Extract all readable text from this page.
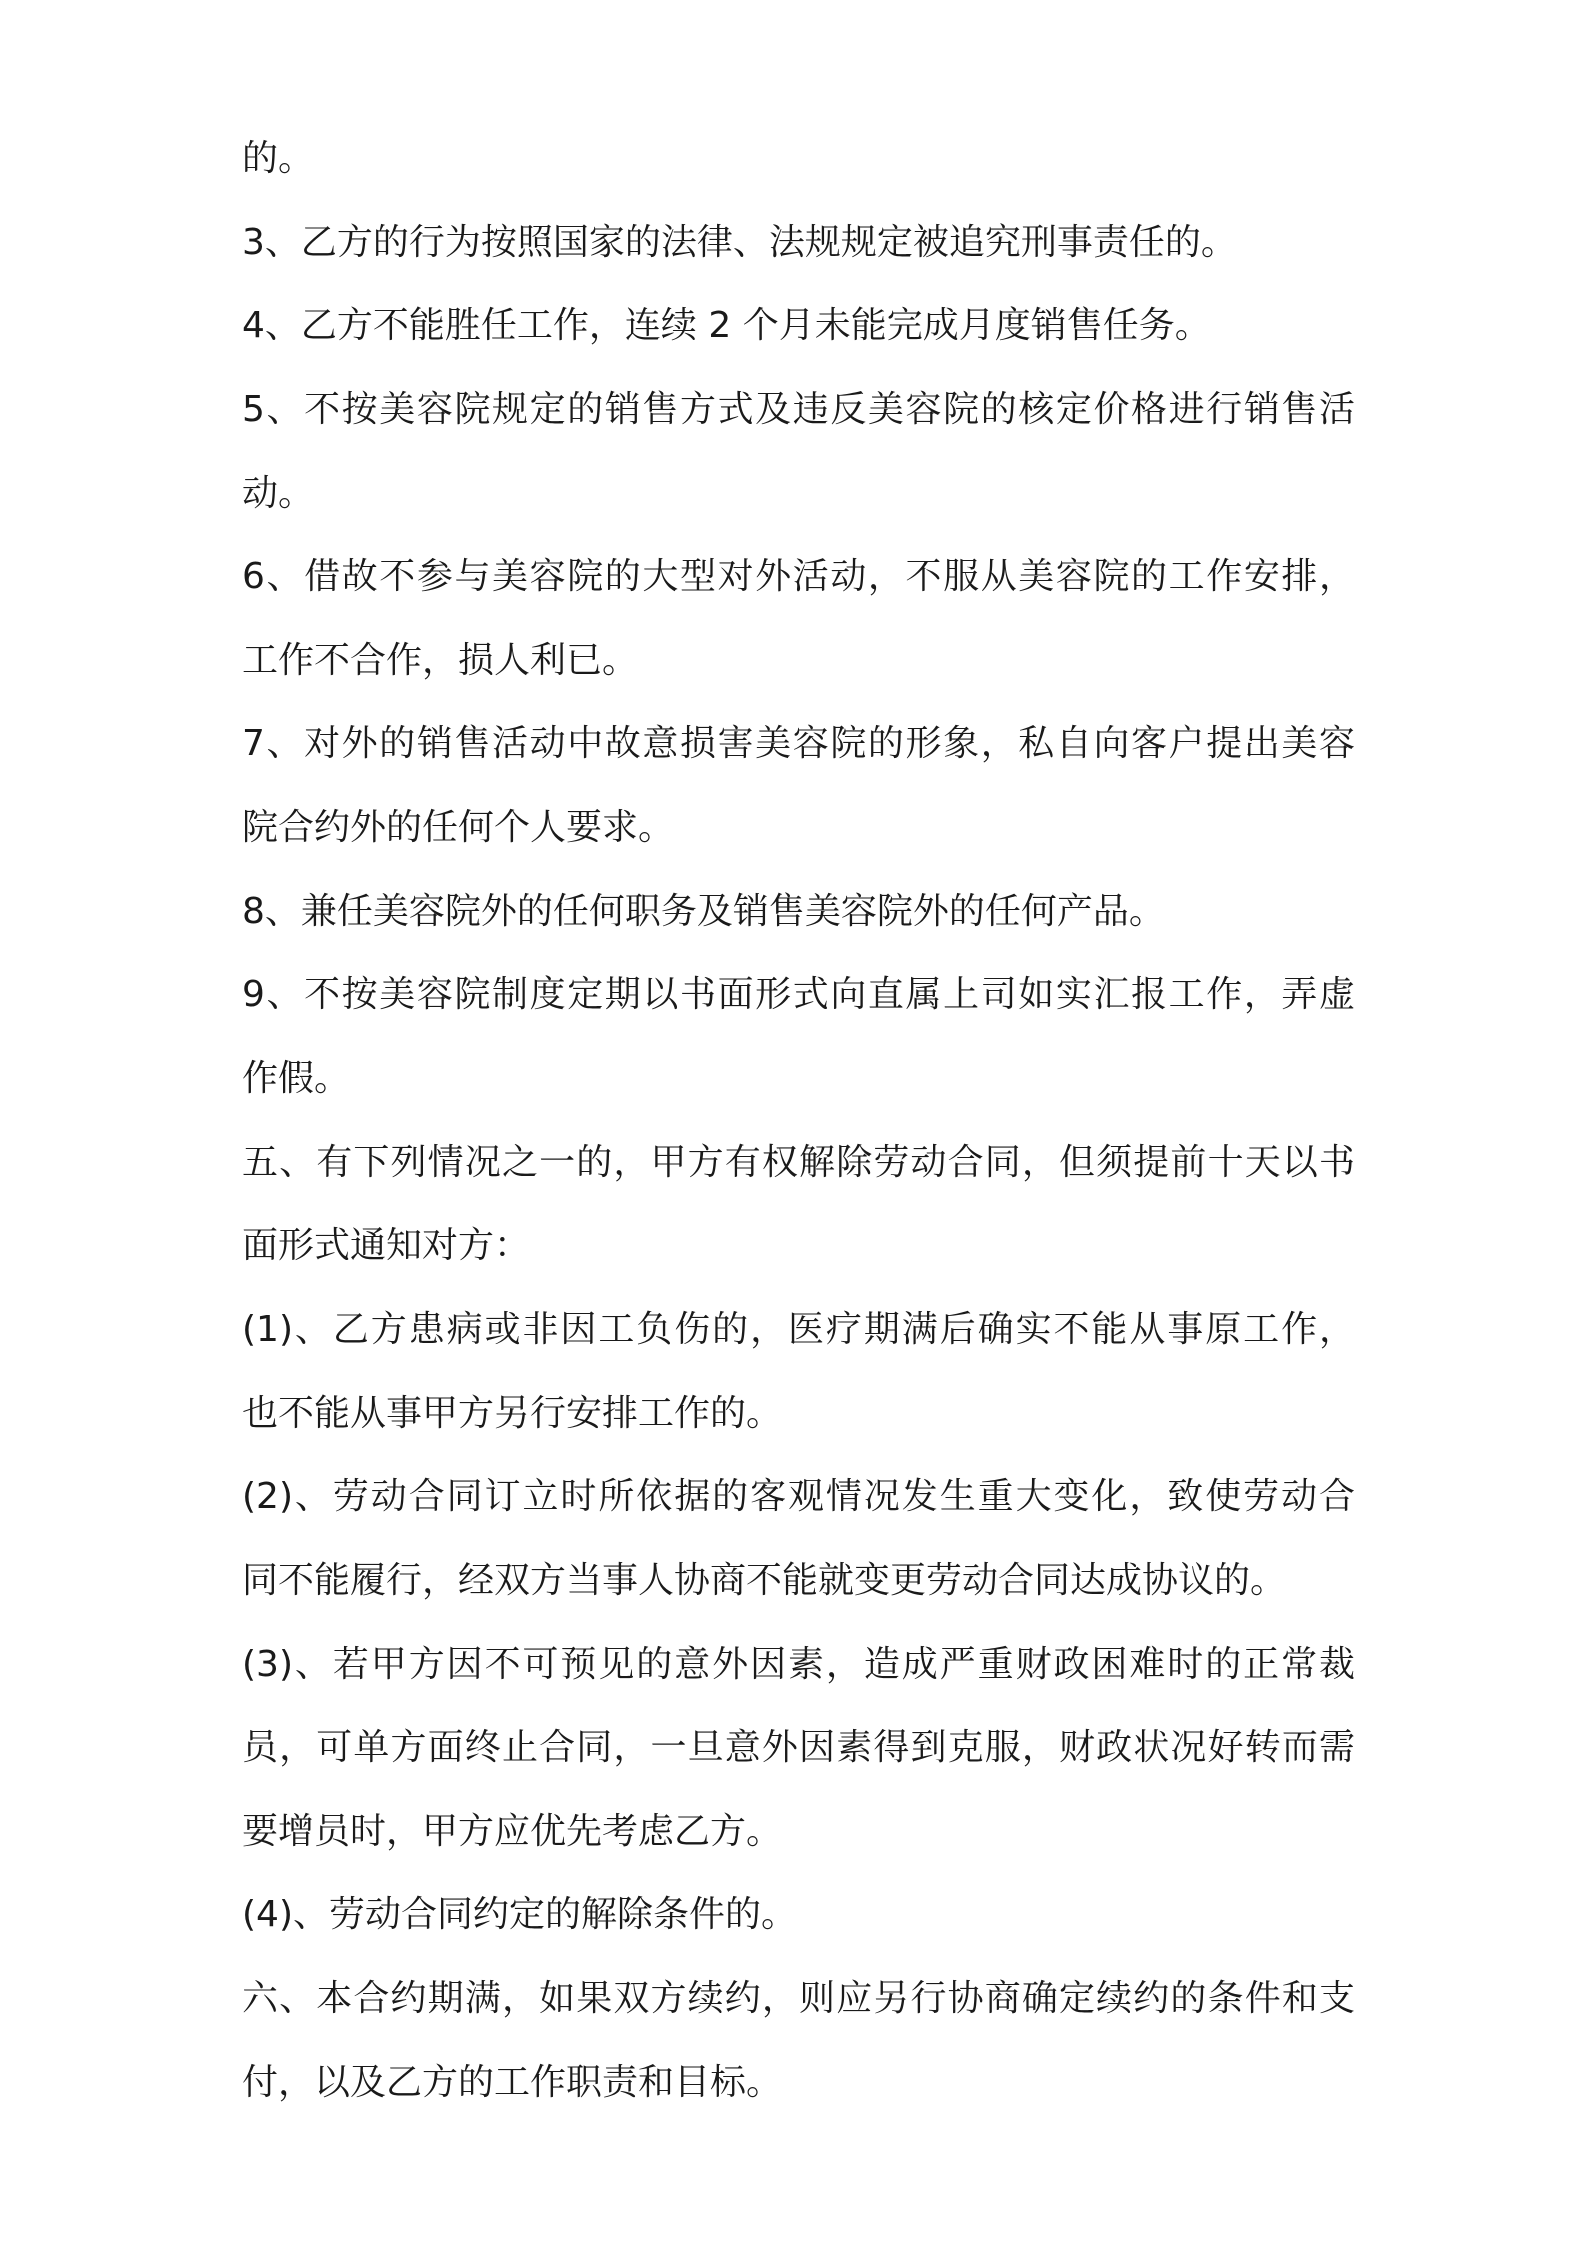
的。
3、乙方的行为按照国家的法律、法规规定被追究刑事责任的。
4、乙方不能胜任工作，连续 2 个月未能完成月度销售任务。
5、不按美容院规定的销售方式及违反美容院的核定价格进行销售活
动。
6、借故不参与美容院的大型对外活动，不服从美容院的工作安排，
工作不合作，损人利已。
7、对外的销售活动中故意损害美容院的形象，私自向客户提出美容
院合约外的任何个人要求。
8、兼任美容院外的任何职务及销售美容院外的任何产品。
9、不按美容院制度定期以书面形式向直属上司如实汇报工作，弄虚
作假。
五、有下列情况之一的，甲方有权解除劳动合同，但须提前十天以书
面形式通知对方：
(1)、乙方患病或非因工负伤的，医疗期满后确实不能从事原工作，
也不能从事甲方另行安排工作的。
(2)、劳动合同订立时所依据的客观情况发生重大变化，致使劳动合
同不能履行，经双方当事人协商不能就变更劳动合同达成协议的。
(3)、若甲方因不可预见的意外因素，造成严重财政困难时的正常裁
员，可单方面终止合同，一旦意外因素得到克服，财政状况好转而需
要增员时，甲方应优先考虑乙方。
(4)、劳动合同约定的解除条件的。
六、本合约期满，如果双方续约，则应另行协商确定续约的条件和支
付，以及乙方的工作职责和目标。
